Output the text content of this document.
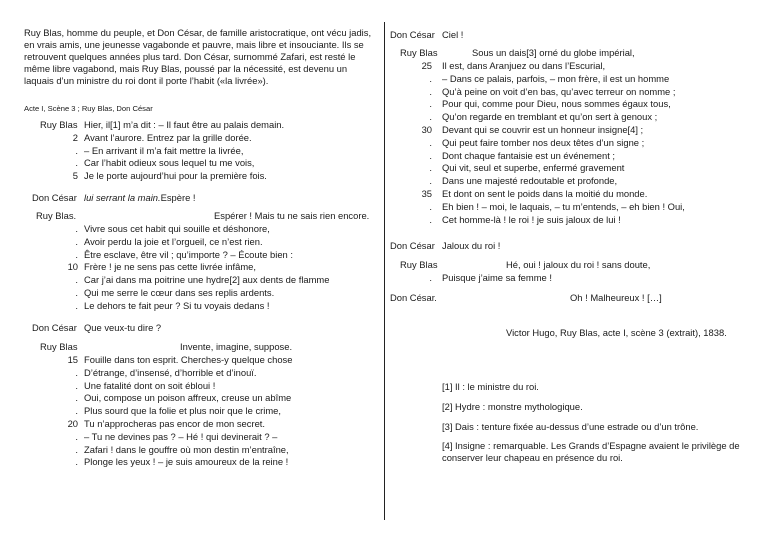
Ruy Blas, homme du peuple, et Don César, de famille aristocratique, ont vécu jadis, en vrais amis, une jeunesse vagabonde et pauvre, mais libre et insouciante. Ils se retrouvent quelques années plus tard. Don César, surnommé Zafari, est resté le même libre vagabond, mais Ruy Blas, poussé par la nécessité, est devenu un laquais d’un ministre du roi dont il porte l’habit («la livrée»).
Acte I, Scène 3 ; Ruy Blas, Don César
Ruy Blas Hier, il[1] m’a dit : – Il faut être au palais demain.
2 Avant l’aurore. Entrez par la grille dorée.
. – En arrivant il m’a fait mettre la livrée,
. Car l’habit odieux sous lequel tu me vois,
5 Je le porte aujourd’hui pour la première fois.
Don César lui serrant la main.Espère !
Ruy Blas.	Espérer ! Mais tu ne sais rien encore.
. Vivre sous cet habit qui souille et déshonore,
. Avoir perdu la joie et l’orgueil, ce n’est rien.
. Être esclave, être vil ; qu’importe ? – Écoute bien :
10 Frère ! je ne sens pas cette livrée infâme,
. Car j’ai dans ma poitrine une hydre[2] aux dents de flamme
. Qui me serre le cœur dans ses replis ardents.
. Le dehors te fait peur ? Si tu voyais dedans !
Don César Que veux-tu dire ?
Ruy Blas	Invente, imagine, suppose.
15 Fouille dans ton esprit. Cherches-y quelque chose
. D’étrange, d’insensé, d’horrible et d’inouï.
. Une fatalité dont on soit ébloui !
. Oui, compose un poison affreux, creuse un abîme
. Plus sourd que la folie et plus noir que le crime,
20 Tu n’approcheras pas encor de mon secret.
. – Tu ne devines pas ? – Hé ! qui devinerait ? –
. Zafari ! dans le gouffre où mon destin m’entraîne,
. Plonge les yeux ! – je suis amoureux de la reine !
Don César Ciel !
Ruy Blas	Sous un dais[3] orné du globe impérial,
25 Il est, dans Aranjuez ou dans l’Escurial,
. – Dans ce palais, parfois, – mon frère, il est un homme
. Qu’à peine on voit d’en bas, qu’avec terreur on nomme ;
. Pour qui, comme pour Dieu, nous sommes égaux tous,
. Qu’on regarde en tremblant et qu’on sert à genoux ;
30 Devant qui se couvrir est un honneur insigne[4] ;
. Qui peut faire tomber nos deux têtes d’un signe ;
. Dont chaque fantaisie est un événement ;
. Qui vit, seul et superbe, enfermé gravement
. Dans une majesté redoutable et profonde,
35 Et dont on sent le poids dans la moitié du monde.
. Eh bien ! – moi, le laquais, – tu m’entends, – eh bien ! Oui,
. Cet homme-là ! le roi ! je suis jaloux de lui !
Don César Jaloux du roi !
Ruy Blas	Hé, oui ! jaloux du roi ! sans doute,
. Puisque j’aime sa femme !
Don César.	Oh ! Malheureux ! […]
Victor Hugo, Ruy Blas, acte I, scène 3 (extrait), 1838.
[1] Il : le ministre du roi.
[2] Hydre : monstre mythologique.
[3] Dais : tenture fixée au-dessus d’une estrade ou d’un trône.
[4] Insigne : remarquable. Les Grands d’Espagne avaient le privilège de conserver leur chapeau en présence du roi.
